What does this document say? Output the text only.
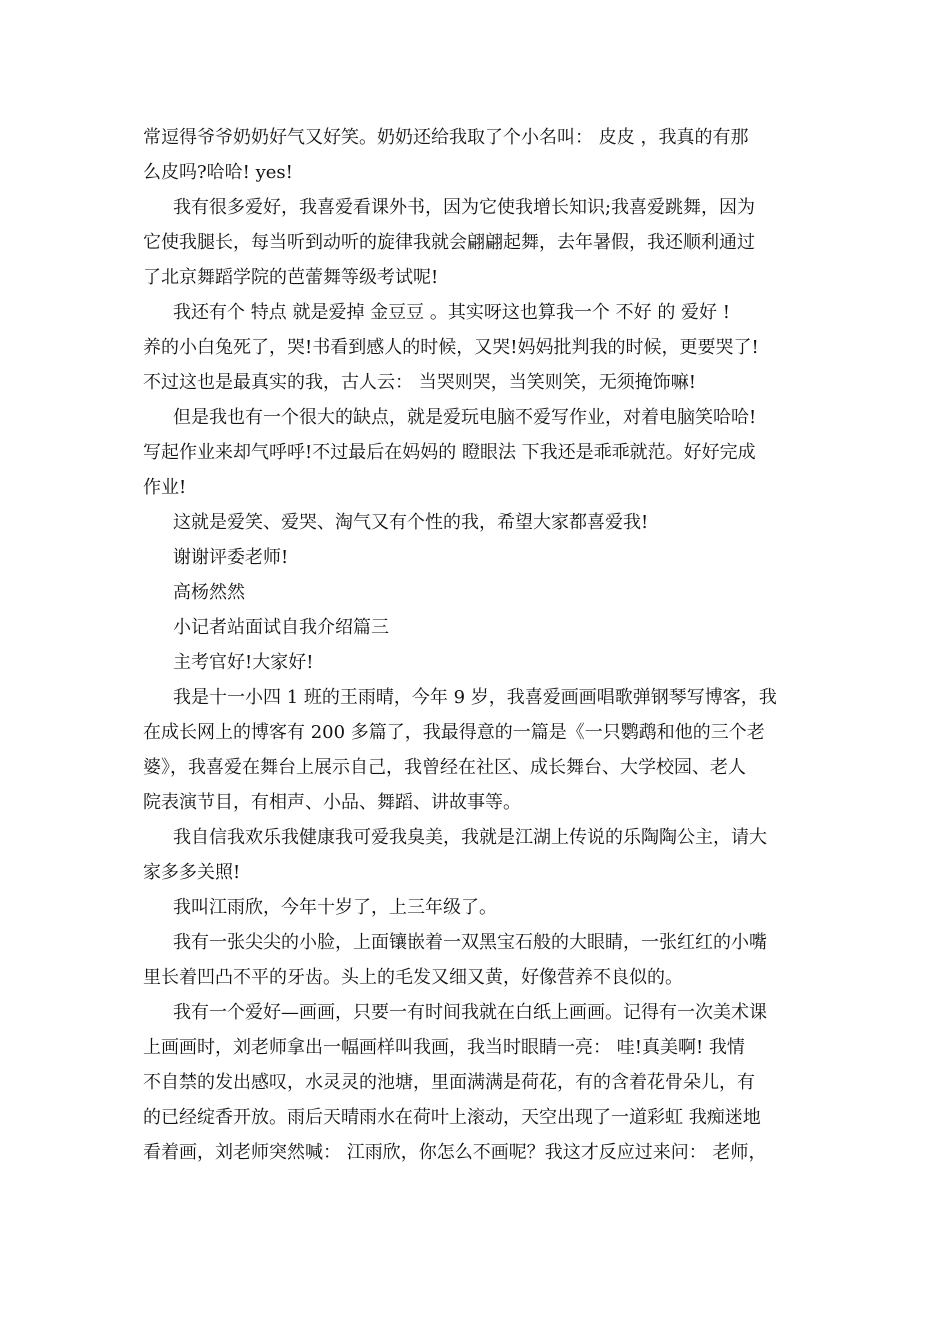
常逗得爷爷奶奶好气又好笑。奶奶还给我取了个小名叫： 皮皮 ，我真的有那
么皮吗?哈哈! yes!
我有很多爱好，我喜爱看课外书，因为它使我增长知识;我喜爱跳舞，因为
它使我腿长，每当听到动听的旋律我就会翩翩起舞，去年暑假，我还顺利通过
了北京舞蹈学院的芭蕾舞等级考试呢!
我还有个 特点 就是爱掉 金豆豆 。其实呀这也算我一个 不好 的 爱好 !
养的小白兔死了，哭!书看到感人的时候，又哭!妈妈批判我的时候，更要哭了!
不过这也是最真实的我，古人云： 当哭则哭，当笑则笑，无须掩饰嘛!
但是我也有一个很大的缺点，就是爱玩电脑不爱写作业，对着电脑笑哈哈!
写起作业来却气呼呼!不过最后在妈妈的 瞪眼法 下我还是乖乖就范。好好完成
作业!
这就是爱笑、爱哭、淘气又有个性的我，希望大家都喜爱我!
谢谢评委老师!
高杨然然
小记者站面试自我介绍篇三
主考官好!大家好!
我是十一小四 1 班的王雨晴，今年 9 岁，我喜爱画画唱歌弹钢琴写博客，我
在成长网上的博客有 200 多篇了，我最得意的一篇是《一只鹦鹉和他的三个老
婆》，我喜爱在舞台上展示自己，我曾经在社区、成长舞台、大学校园、老人
院表演节目，有相声、小品、舞蹈、讲故事等。
我自信我欢乐我健康我可爱我臭美，我就是江湖上传说的乐陶陶公主，请大
家多多关照!
我叫江雨欣，今年十岁了，上三年级了。
我有一张尖尖的小脸，上面镶嵌着一双黑宝石般的大眼睛，一张红红的小嘴
里长着凹凸不平的牙齿。头上的毛发又细又黄，好像营养不良似的。
我有一个爱好—画画，只要一有时间我就在白纸上画画。记得有一次美术课
上画画时，刘老师拿出一幅画样叫我画，我当时眼睛一亮： 哇!真美啊! 我情
不自禁的发出感叹，水灵灵的池塘，里面满满是荷花，有的含着花骨朵儿，有
的已经绽香开放。雨后天晴雨水在荷叶上滚动，天空出现了一道彩虹 我痴迷地
看着画，刘老师突然喊： 江雨欣，你怎么不画呢？我这才反应过来问： 老师，
